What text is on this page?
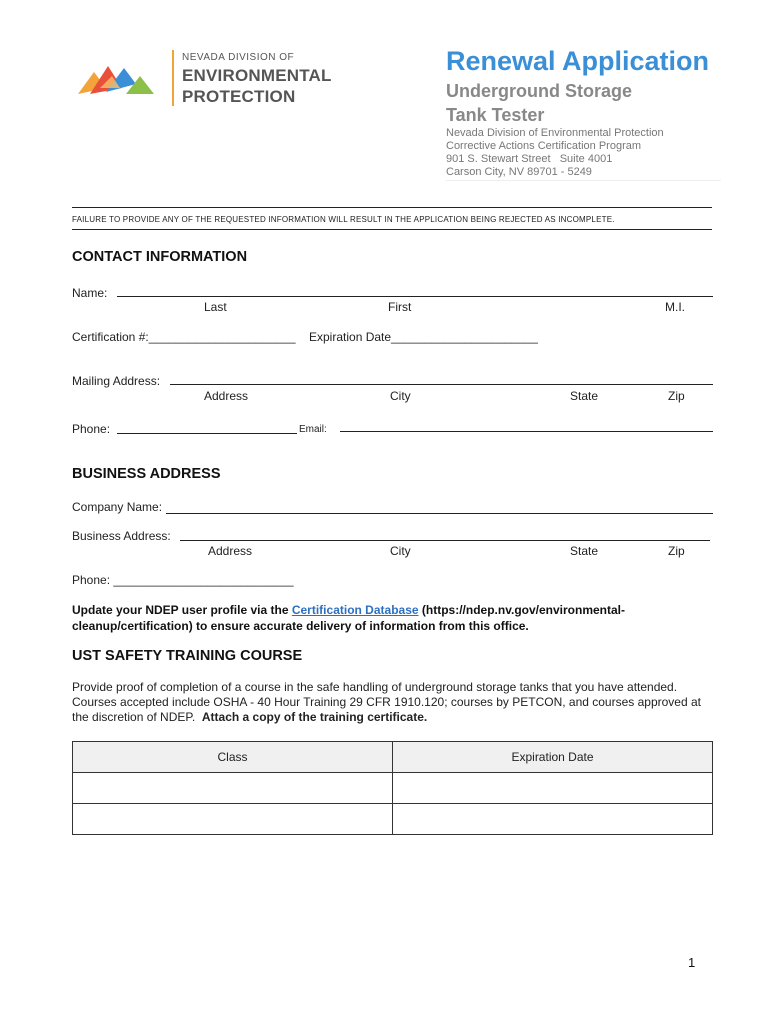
NEVADA DIVISION OF
ENVIRONMENTAL
PROTECTION
Renewal Application
Underground Storage
Tank Tester
Nevada Division of Environmental Protection
Corrective Actions Certification Program
901 S. Stewart Street   Suite 4001
Carson City, NV 89701 - 5249
FAILURE TO PROVIDE ANY OF THE REQUESTED INFORMATION WILL RESULT IN THE APPLICATION BEING REJECTED AS INCOMPLETE.
CONTACT INFORMATION
Name:
Last	First	M.I.
Certification #:______________________ Expiration Date______________________
Mailing Address:
Address	City	State	Zip
Phone:	Email:
BUSINESS ADDRESS
Company Name:
Business Address:
Address	City	State	Zip
Phone: ___________________________
Update your NDEP user profile via the Certification Database (https://ndep.nv.gov/environmental-cleanup/certification) to ensure accurate delivery of information from this office.
UST SAFETY TRAINING COURSE
Provide proof of completion of a course in the safe handling of underground storage tanks that you have attended. Courses accepted include OSHA - 40 Hour Training 29 CFR 1910.120; courses by PETCON, and courses approved at the discretion of NDEP. Attach a copy of the training certificate.
Class	Expiration Date

1
